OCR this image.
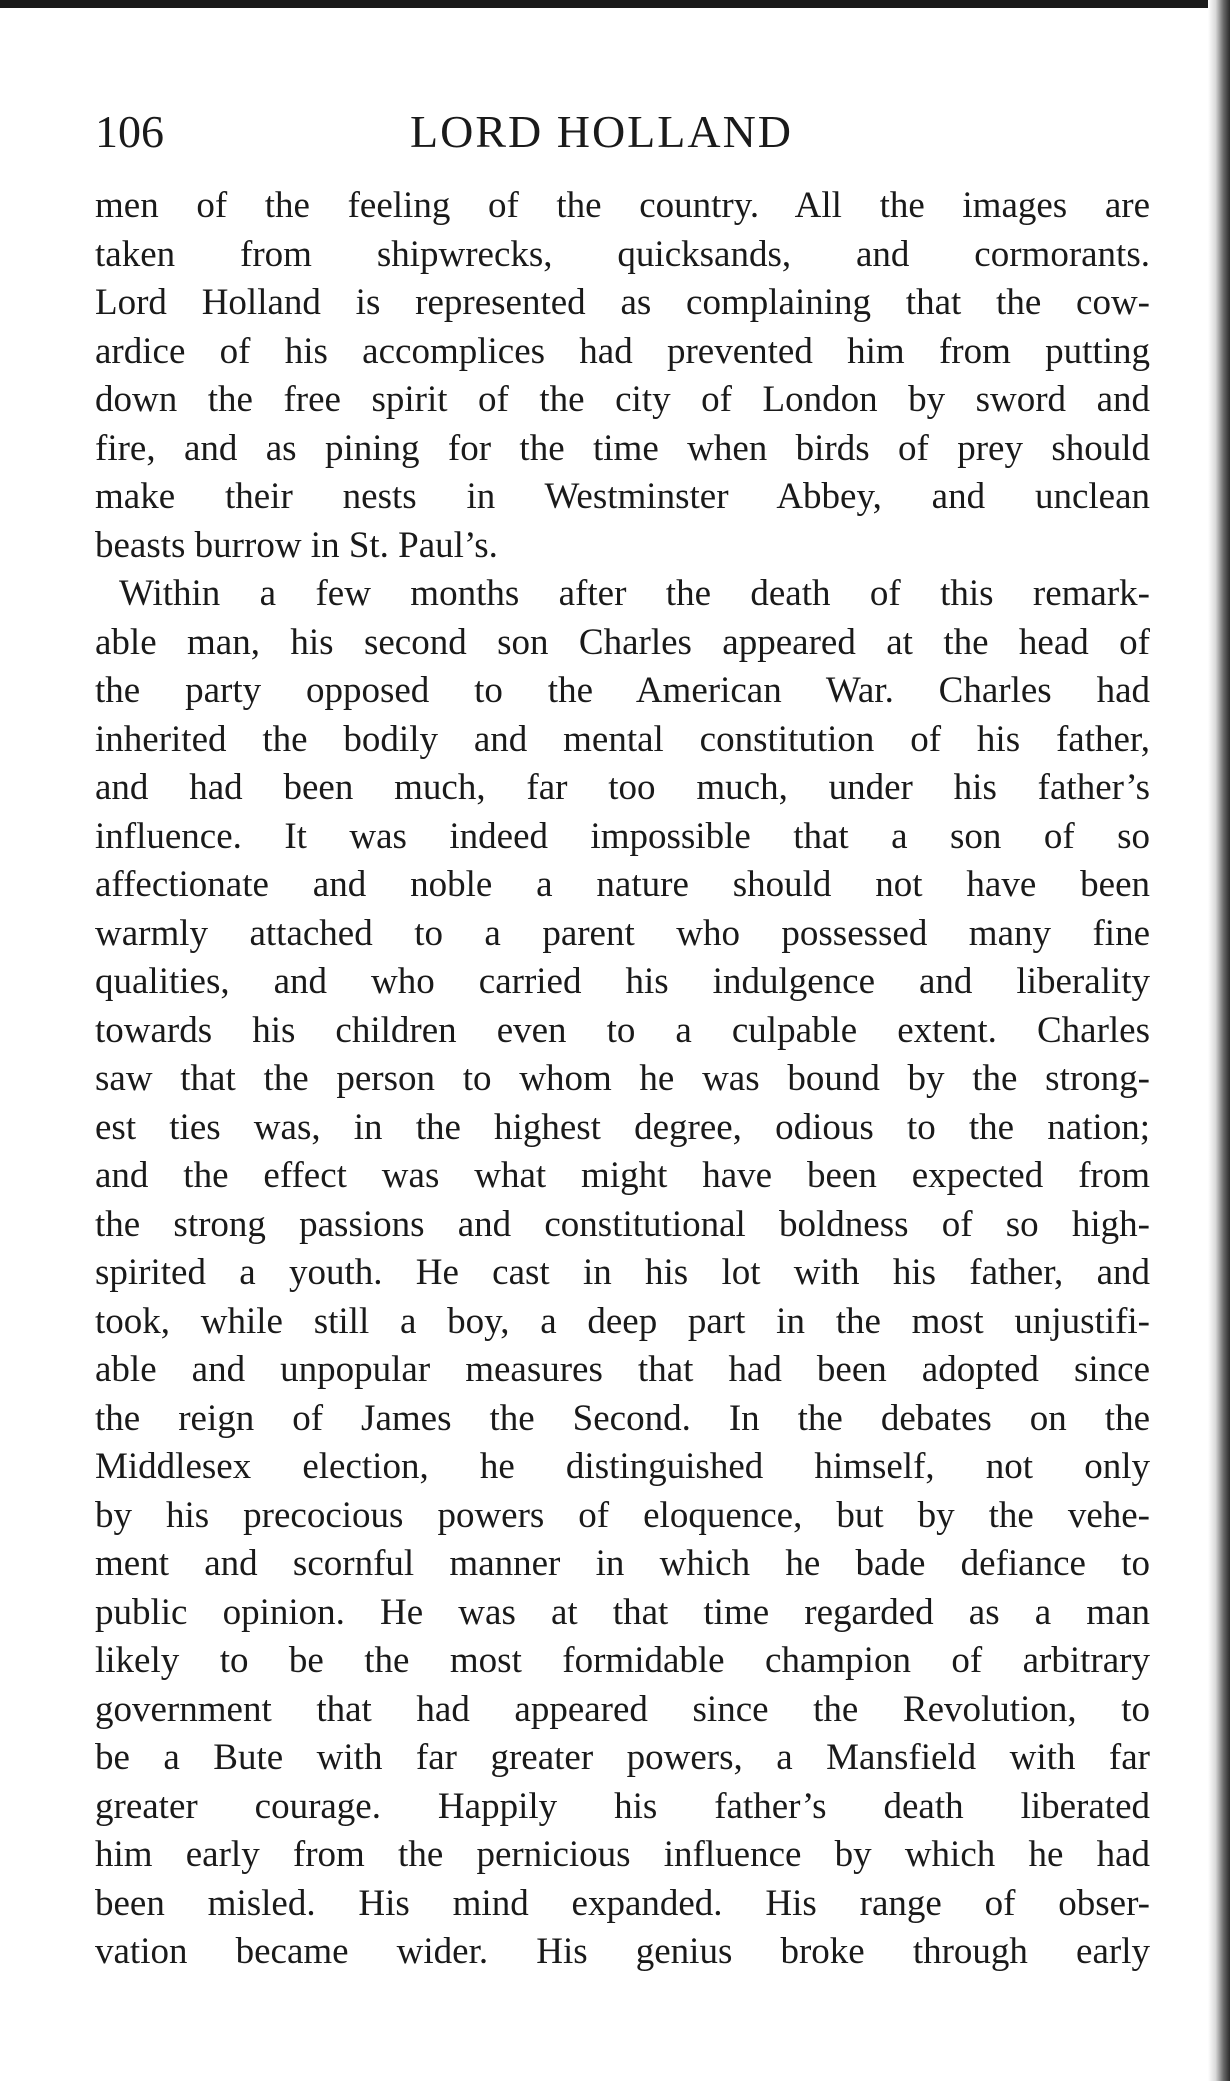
106	LORD HOLLAND
men of the feeling of the country. All the images are
taken from shipwrecks, quicksands, and cormorants.
Lord Holland is represented as complaining that the cow-
ardice of his accomplices had prevented him from putting
down the free spirit of the city of London by sword and
fire, and as pining for the time when birds of prey should
make their nests in Westminster Abbey, and unclean
beasts burrow in St. Paul’s.
Within a few months after the death of this remark-
able man, his second son Charles appeared at the head of
the party opposed to the American War. Charles had
inherited the bodily and mental constitution of his father,
and had been much, far too much, under his father’s
influence. It was indeed impossible that a son of so
affectionate and noble a nature should not have been
warmly attached to a parent who possessed many fine
qualities, and who carried his indulgence and liberality
towards his children even to a culpable extent. Charles
saw that the person to whom he was bound by the strong-
est ties was, in the highest degree, odious to the nation;
and the effect was what might have been expected from
the strong passions and constitutional boldness of so high-
spirited a youth. He cast in his lot with his father, and
took, while still a boy, a deep part in the most unjustifi-
able and unpopular measures that had been adopted since
the reign of James the Second. In the debates on the
Middlesex election, he distinguished himself, not only
by his precocious powers of eloquence, but by the vehe-
ment and scornful manner in which he bade defiance to
public opinion. He was at that time regarded as a man
likely to be the most formidable champion of arbitrary
government that had appeared since the Revolution, to
be a Bute with far greater powers, a Mansfield with far
greater courage. Happily his father’s death liberated
him early from the pernicious influence by which he had
been misled. His mind expanded. His range of obser-
vation became wider. His genius broke through early
